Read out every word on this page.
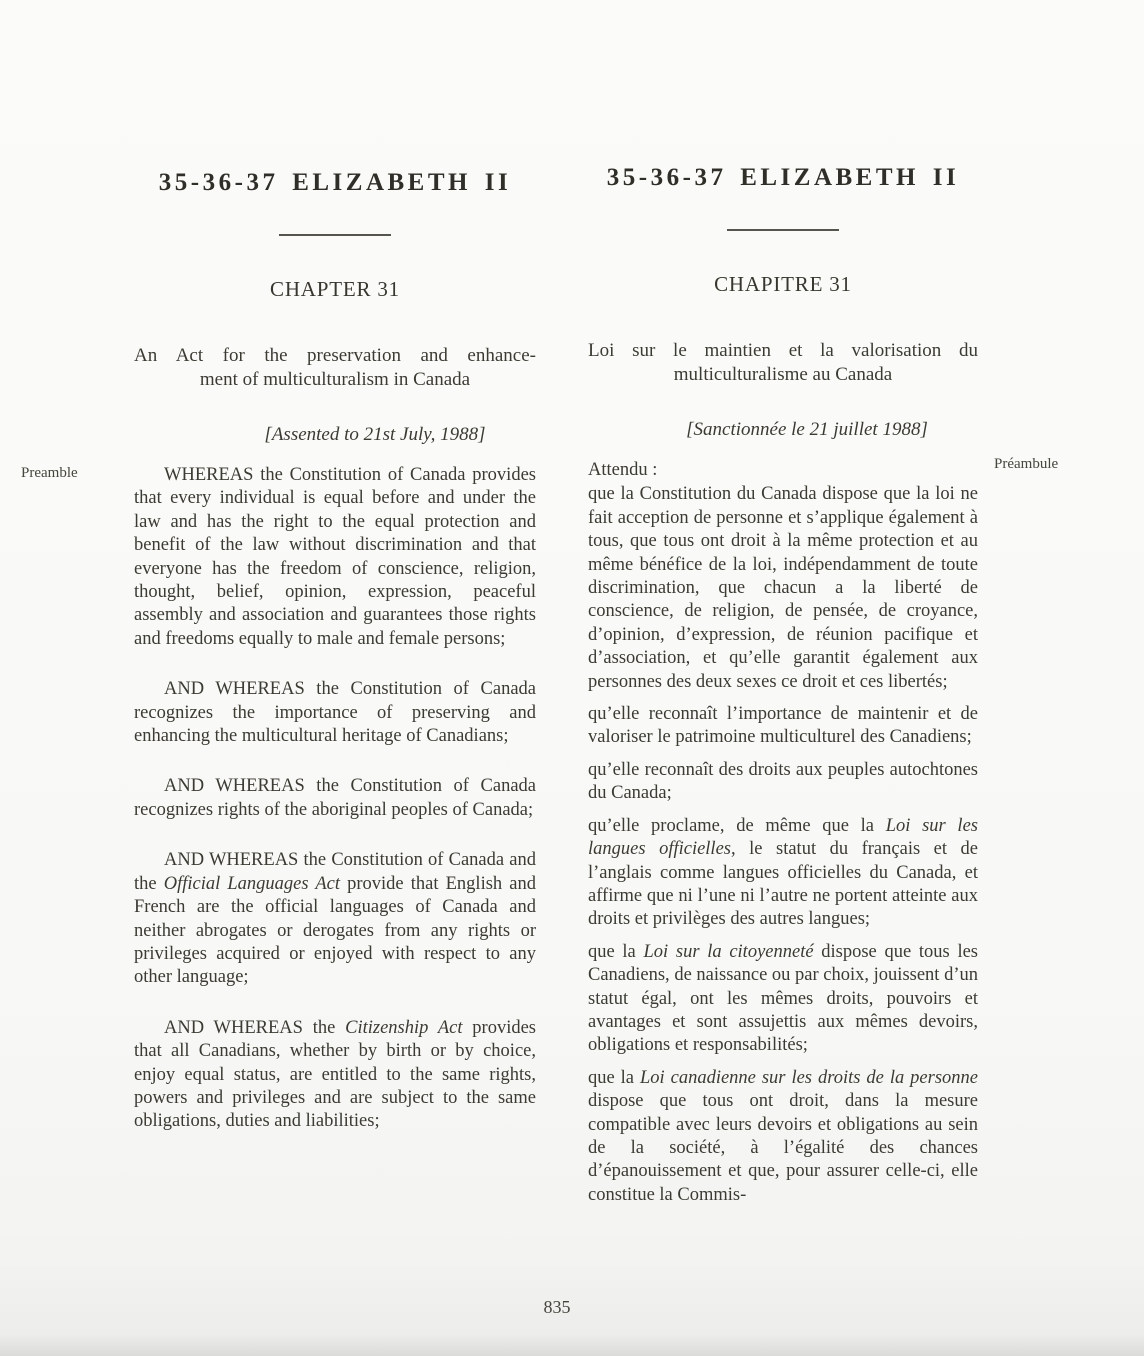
Preamble
Préambule
35-36-37 ELIZABETH II
CHAPTER 31
An Act for the preservation and enhance-
ment of multiculturalism in Canada
[Assented to 21st July, 1988]

WHEREAS the Constitution of Canada provides that every individual is equal before and under the law and has the right to the equal protection and benefit of the law without discrimination and that everyone has the freedom of conscience, religion, thought, belief, opinion, expression, peaceful assembly and association and guarantees those rights and freedoms equally to male and female persons;

AND WHEREAS the Constitution of Canada recognizes the importance of preserving and enhancing the multicultural heritage of Canadians;

AND WHEREAS the Constitution of Canada recognizes rights of the aboriginal peoples of Canada;

AND WHEREAS the Constitution of Canada and the Official Languages Act provide that English and French are the official languages of Canada and neither abrogates or derogates from any rights or privileges acquired or enjoyed with respect to any other language;

AND WHEREAS the Citizenship Act provides that all Canadians, whether by birth or by choice, enjoy equal status, are entitled to the same rights, powers and privileges and are subject to the same obligations, duties and liabilities;

35-36-37 ELIZABETH II
CHAPITRE 31
Loi sur le maintien et la valorisation du
multiculturalisme au Canada
[Sanctionnée le 21 juillet 1988]

Attendu :

que la Constitution du Canada dispose que la loi ne fait acception de personne et s’applique également à tous, que tous ont droit à la même protection et au même bénéfice de la loi, indépendamment de toute discrimination, que chacun a la liberté de conscience, de religion, de pensée, de croyance, d’opinion, d’expression, de réunion pacifique et d’association, et qu’elle garantit également aux personnes des deux sexes ce droit et ces libertés;

qu’elle reconnaît l’importance de maintenir et de valoriser le patrimoine multiculturel des Canadiens;

qu’elle reconnaît des droits aux peuples autochtones du Canada;

qu’elle proclame, de même que la Loi sur les langues officielles, le statut du français et de l’anglais comme langues officielles du Canada, et affirme que ni l’une ni l’autre ne portent atteinte aux droits et privilèges des autres langues;

que la Loi sur la citoyenneté dispose que tous les Canadiens, de naissance ou par choix, jouissent d’un statut égal, ont les mêmes droits, pouvoirs et avantages et sont assujettis aux mêmes devoirs, obligations et responsabilités;

que la Loi canadienne sur les droits de la personne dispose que tous ont droit, dans la mesure compatible avec leurs devoirs et obligations au sein de la société, à l’égalité des chances d’épanouissement et que, pour assurer celle-ci, elle constitue la Commis-

835
